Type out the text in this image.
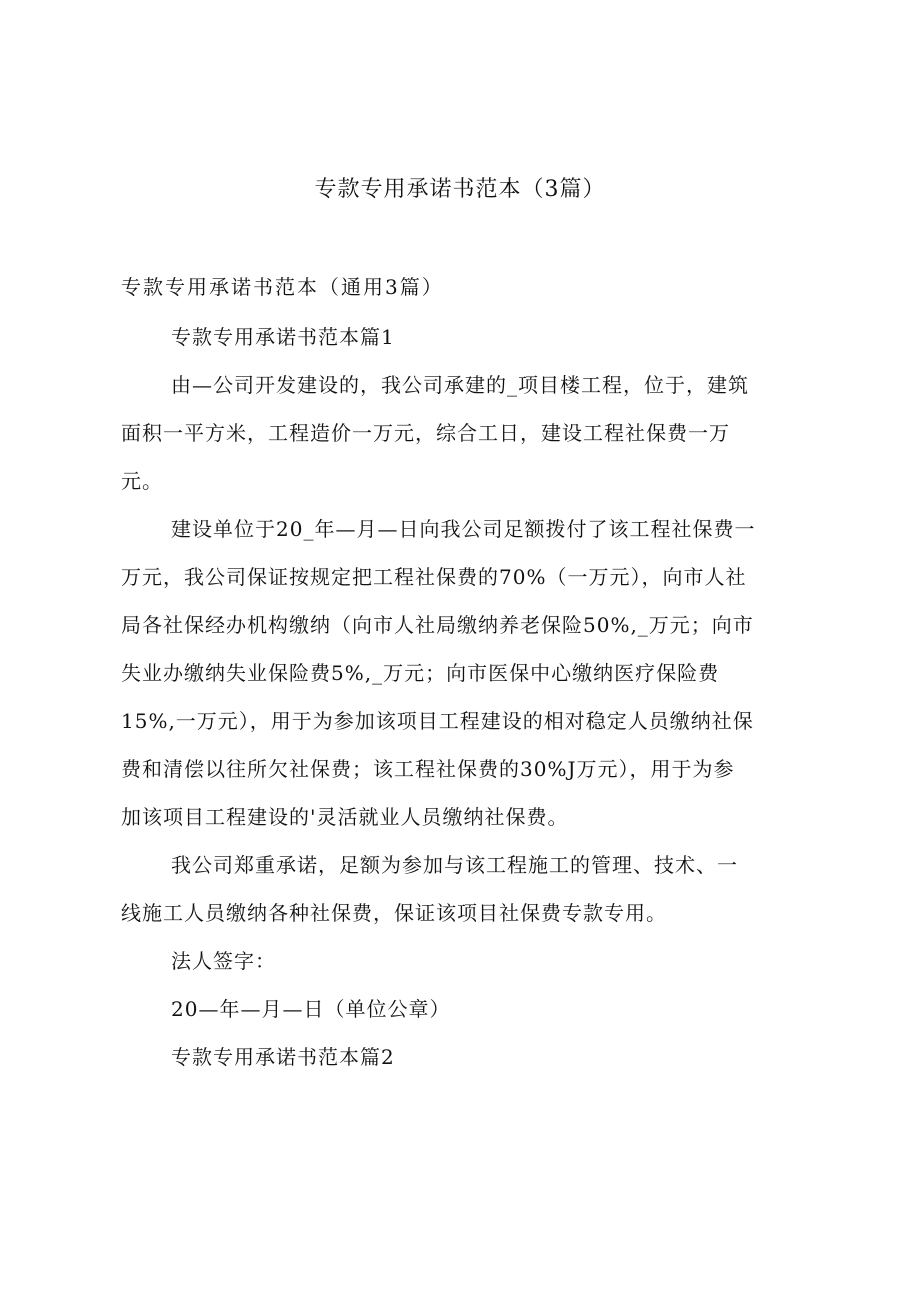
专款专用承诺书范本（3篇）
专款专用承诺书范本（通用3篇）
专款专用承诺书范本篇1
由—公司开发建设的，我公司承建的_项目楼工程，位于，建筑
面积一平方米，工程造价一万元，综合工日，建设工程社保费一万
元。
建设单位于20_年—月—日向我公司足额拨付了该工程社保费一
万元，我公司保证按规定把工程社保费的70%（一万元），向市人社
局各社保经办机构缴纳（向市人社局缴纳养老保险50%,_万元；向市
失业办缴纳失业保险费5%,_万元；向市医保中心缴纳医疗保险费
15%,一万元），用于为参加该项目工程建设的相对稳定人员缴纳社保
费和清偿以往所欠社保费；该工程社保费的30%J万元），用于为参
加该项目工程建设的'灵活就业人员缴纳社保费。
我公司郑重承诺，足额为参加与该工程施工的管理、技术、一
线施工人员缴纳各种社保费，保证该项目社保费专款专用。
法人签字：
20—年—月—日（单位公章）
专款专用承诺书范本篇2
